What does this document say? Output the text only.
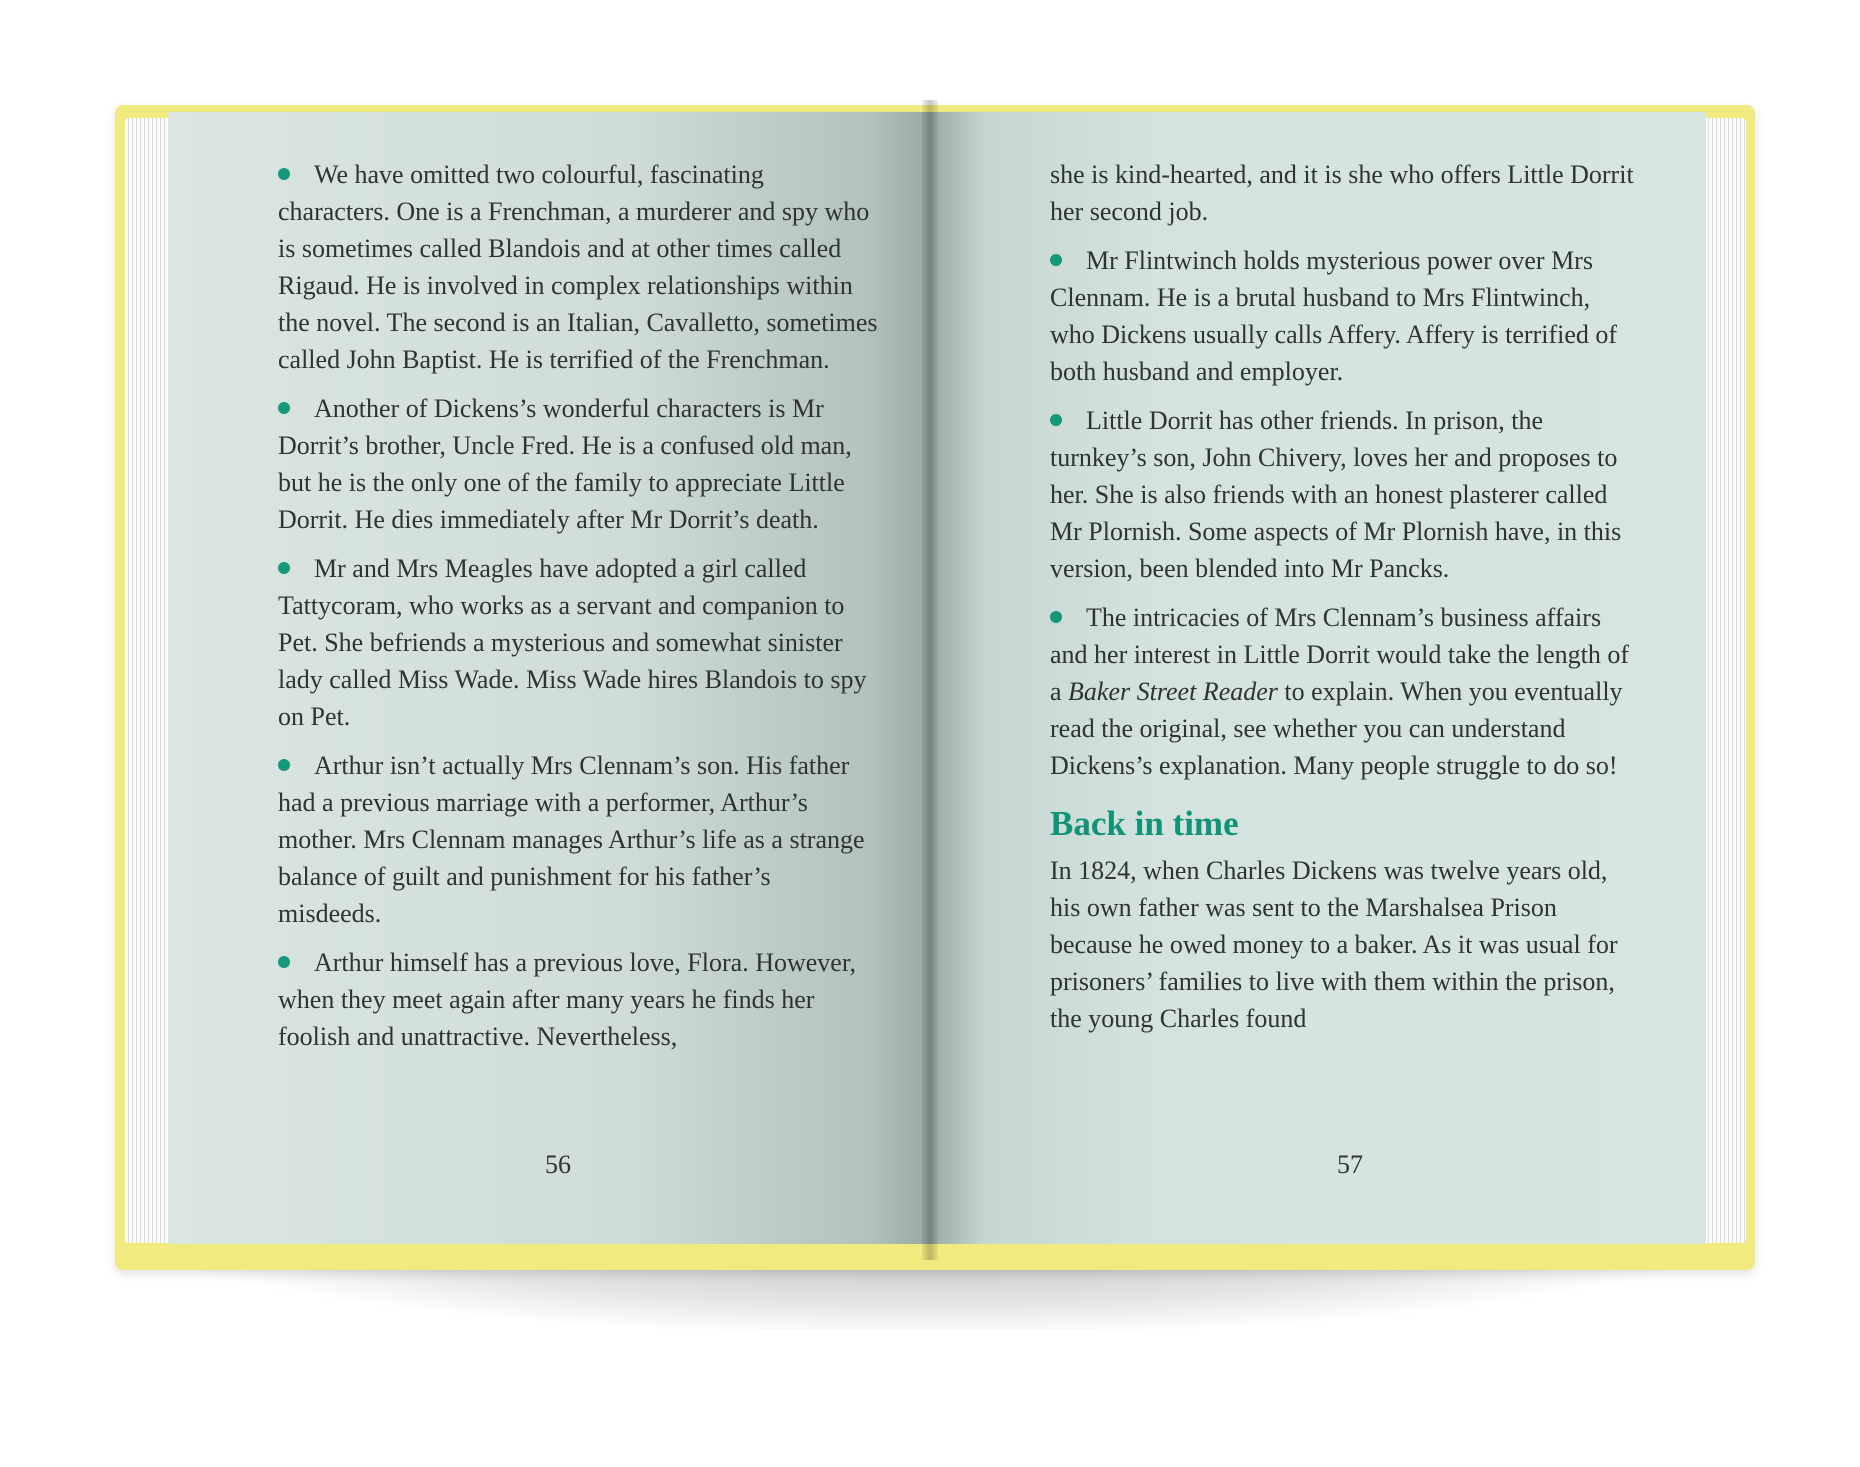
We have omitted two colourful, fascinating characters. One is a Frenchman, a murderer and spy who is sometimes called Blandois and at other times called Rigaud. He is involved in complex relationships within the novel. The second is an Italian, Cavalletto, sometimes called John Baptist. He is terrified of the Frenchman.

Another of Dickens’s wonderful characters is Mr Dorrit’s brother, Uncle Fred. He is a confused old man, but he is the only one of the family to appreciate Little Dorrit. He dies immediately after Mr Dorrit’s death.

Mr and Mrs Meagles have adopted a girl called Tattycoram, who works as a servant and companion to Pet. She befriends a mysterious and somewhat sinister lady called Miss Wade. Miss Wade hires Blandois to spy on Pet.

Arthur isn’t actually Mrs Clennam’s son. His father had a previous marriage with a performer, Arthur’s mother. Mrs Clennam manages Arthur’s life as a strange balance of guilt and punishment for his father’s misdeeds.

Arthur himself has a previous love, Flora. However, when they meet again after many years he finds her foolish and unattractive. Nevertheless,

56

she is kind-hearted, and it is she who offers Little Dorrit her second job.

Mr Flintwinch holds mysterious power over Mrs Clennam. He is a brutal husband to Mrs Flintwinch, who Dickens usually calls Affery. Affery is terrified of both husband and employer.

Little Dorrit has other friends. In prison, the turnkey’s son, John Chivery, loves her and proposes to her. She is also friends with an honest plasterer called Mr Plornish. Some aspects of Mr Plornish have, in this version, been blended into Mr Pancks.

The intricacies of Mrs Clennam’s business affairs and her interest in Little Dorrit would take the length of a Baker Street Reader to explain. When you eventually read the original, see whether you can understand Dickens’s explanation. Many people struggle to do so!

Back in time

In 1824, when Charles Dickens was twelve years old, his own father was sent to the Marshalsea Prison because he owed money to a baker. As it was usual for prisoners’ families to live with them within the prison, the young Charles found

57
